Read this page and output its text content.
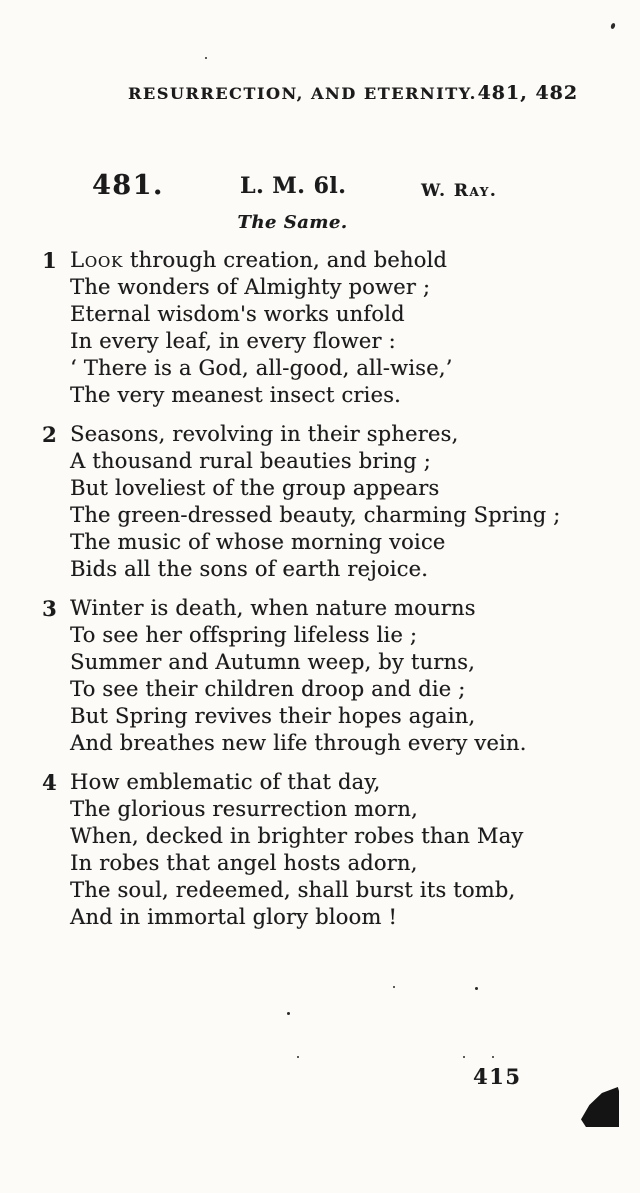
RESURRECTION, AND ETERNITY. 481, 482
481.	L. M. 6l.	W. Ray.
The Same.
1 Look through creation, and behold
The wonders of Almighty power ;
Eternal wisdom's works unfold
In every leaf, in every flower :
‘ There is a God, all-good, all-wise,’
The very meanest insect cries.
2 Seasons, revolving in their spheres,
A thousand rural beauties bring ;
But loveliest of the group appears
The green-dressed beauty, charming Spring ;
The music of whose morning voice
Bids all the sons of earth rejoice.
3 Winter is death, when nature mourns
To see her offspring lifeless lie ;
Summer and Autumn weep, by turns,
To see their children droop and die ;
But Spring revives their hopes again,
And breathes new life through every vein.
4 How emblematic of that day,
The glorious resurrection morn,
When, decked in brighter robes than May
In robes that angel hosts adorn,
The soul, redeemed, shall burst its tomb,
And in immortal glory bloom !
415
